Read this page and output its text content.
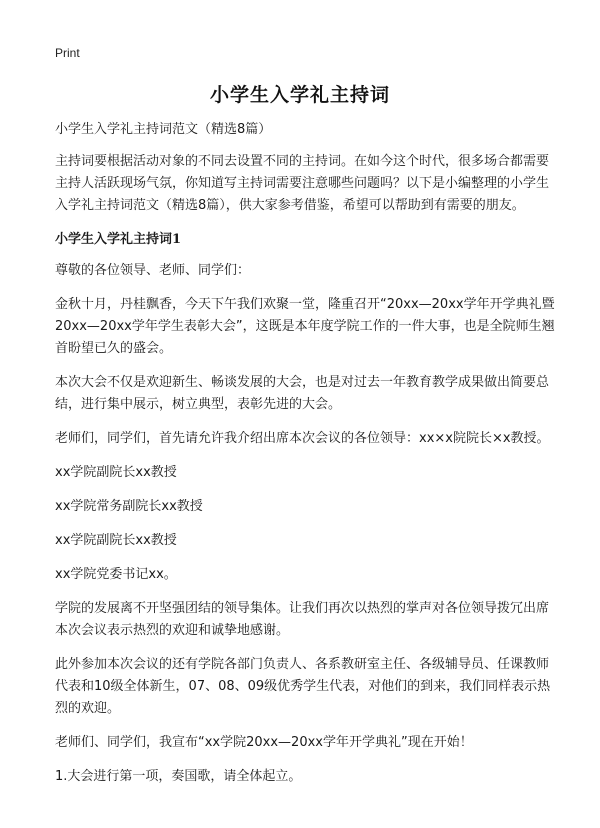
Print
小学生入学礼主持词

小学生入学礼主持词范文（精选8篇）

主持词要根据活动对象的不同去设置不同的主持词。在如今这个时代，很多场合都需要主持人活跃现场气氛，你知道写主持词需要注意哪些问题吗？以下是小编整理的小学生入学礼主持词范文（精选8篇），供大家参考借鉴，希望可以帮助到有需要的朋友。

小学生入学礼主持词1

尊敬的各位领导、老师、同学们：

金秋十月，丹桂飘香，今天下午我们欢聚一堂，隆重召开“20xx—20xx学年开学典礼暨20xx—20xx学年学生表彰大会”，这既是本年度学院工作的一件大事，也是全院师生翘首盼望已久的盛会。

本次大会不仅是欢迎新生、畅谈发展的大会，也是对过去一年教育教学成果做出简要总结，进行集中展示，树立典型，表彰先进的大会。

老师们，同学们，首先请允许我介绍出席本次会议的各位领导：xx×x院院长×x教授。

xx学院副院长xx教授

xx学院常务副院长xx教授

xx学院副院长xx教授

xx学院党委书记xx。

学院的发展离不开坚强团结的领导集体。让我们再次以热烈的掌声对各位领导拨冗出席本次会议表示热烈的欢迎和诚挚地感谢。

此外参加本次会议的还有学院各部门负责人、各系教研室主任、各级辅导员、任课教师代表和10级全体新生，07、08、09级优秀学生代表，对他们的到来，我们同样表示热烈的欢迎。

老师们、同学们，我宣布“xx学院20xx—20xx学年开学典礼”现在开始！

1.大会进行第一项，奏国歌，请全体起立。
